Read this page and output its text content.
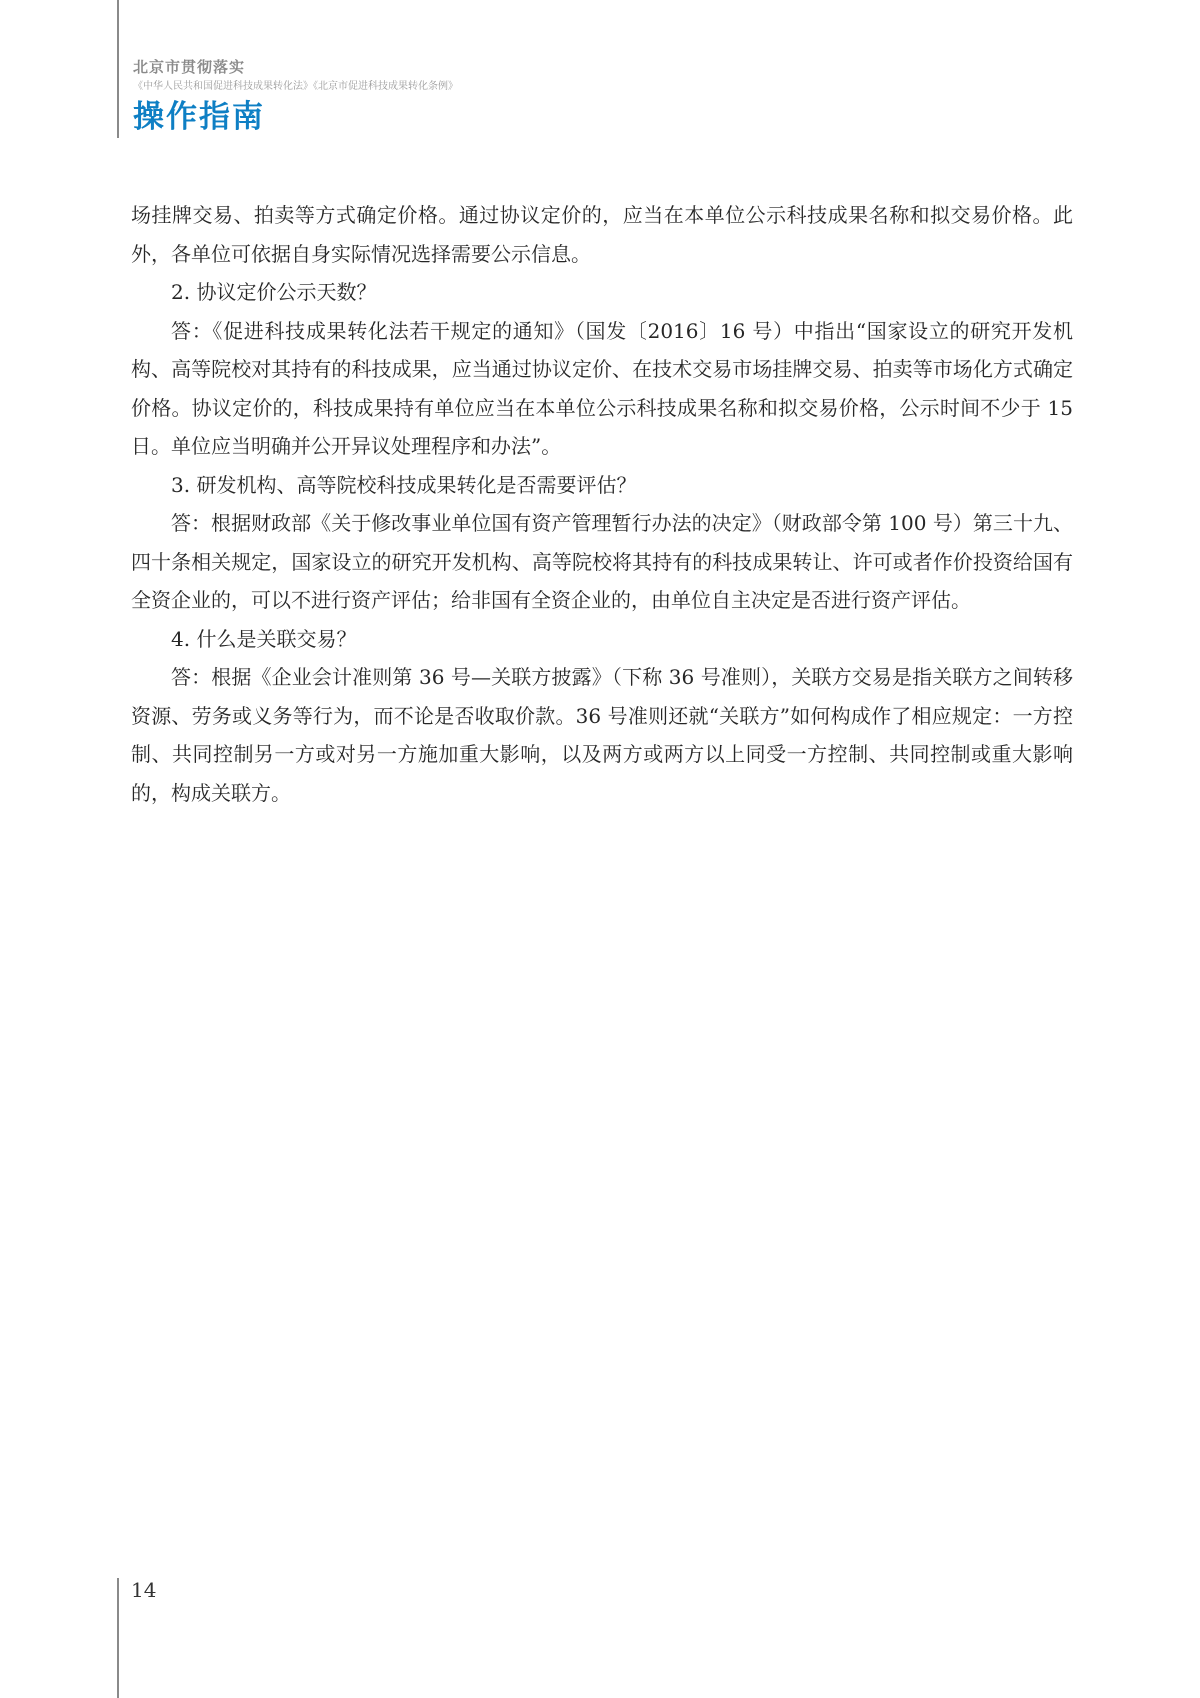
北京市贯彻落实
《中华人民共和国促进科技成果转化法》《北京市促进科技成果转化条例》
操作指南

场挂牌交易、拍卖等方式确定价格。通过协议定价的，应当在本单位公示科技成果名称和拟交易价格。此外，各单位可依据自身实际情况选择需要公示信息。

2. 协议定价公示天数？

答：《促进科技成果转化法若干规定的通知》（国发〔2016〕16 号）中指出“国家设立的研究开发机构、高等院校对其持有的科技成果，应当通过协议定价、在技术交易市场挂牌交易、拍卖等市场化方式确定价格。协议定价的，科技成果持有单位应当在本单位公示科技成果名称和拟交易价格，公示时间不少于 15 日。单位应当明确并公开异议处理程序和办法”。

3. 研发机构、高等院校科技成果转化是否需要评估？

答：根据财政部《关于修改事业单位国有资产管理暂行办法的决定》（财政部令第 100 号）第三十九、四十条相关规定，国家设立的研究开发机构、高等院校将其持有的科技成果转让、许可或者作价投资给国有全资企业的，可以不进行资产评估；给非国有全资企业的，由单位自主决定是否进行资产评估。

4. 什么是关联交易？

答：根据《企业会计准则第 36 号—关联方披露》（下称 36 号准则），关联方交易是指关联方之间转移资源、劳务或义务等行为，而不论是否收取价款。36 号准则还就“关联方”如何构成作了相应规定：一方控制、共同控制另一方或对另一方施加重大影响，以及两方或两方以上同受一方控制、共同控制或重大影响的，构成关联方。

14
